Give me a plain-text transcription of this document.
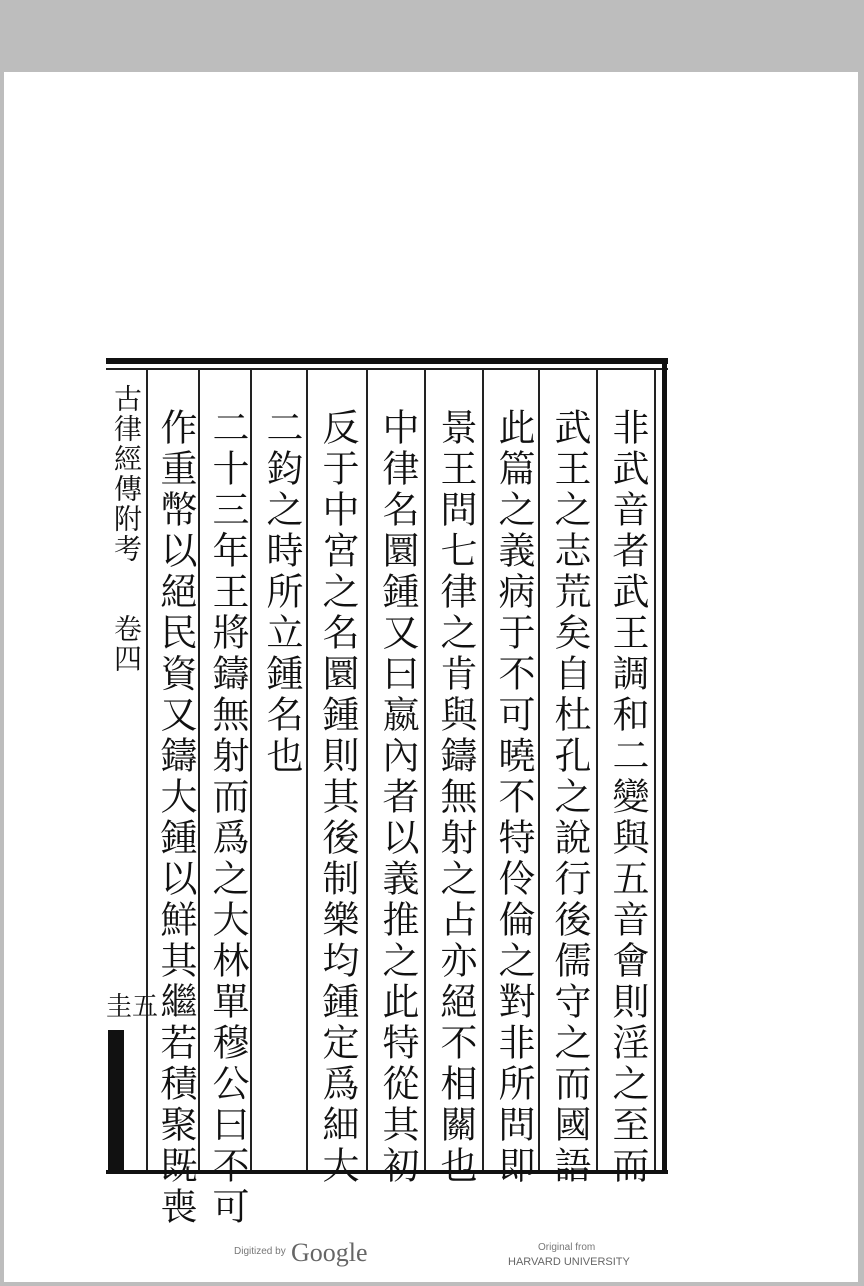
非武音者武王調和二變與五音會則淫之至而
武王之志荒矣自杜孔之說行後儒守之而國語
此篇之義病于不可曉不特伶倫之對非所問即
景王問七律之肯與鑄無射之占亦絕不相關也
中律名圜鍾又曰嬴內者以義推之此特從其初
反于中宮之名圜鍾則其後制樂均鍾定爲細大
二鈞之時所立鍾名也
二十三年王將鑄無射而爲之大林單穆公曰不可
作重幣以絕民資又鑄大鍾以鮮其繼若積聚既喪
古律經傳附考卷四
圭五
Digitized by Google	Original from
HARVARD UNIVERSITY
